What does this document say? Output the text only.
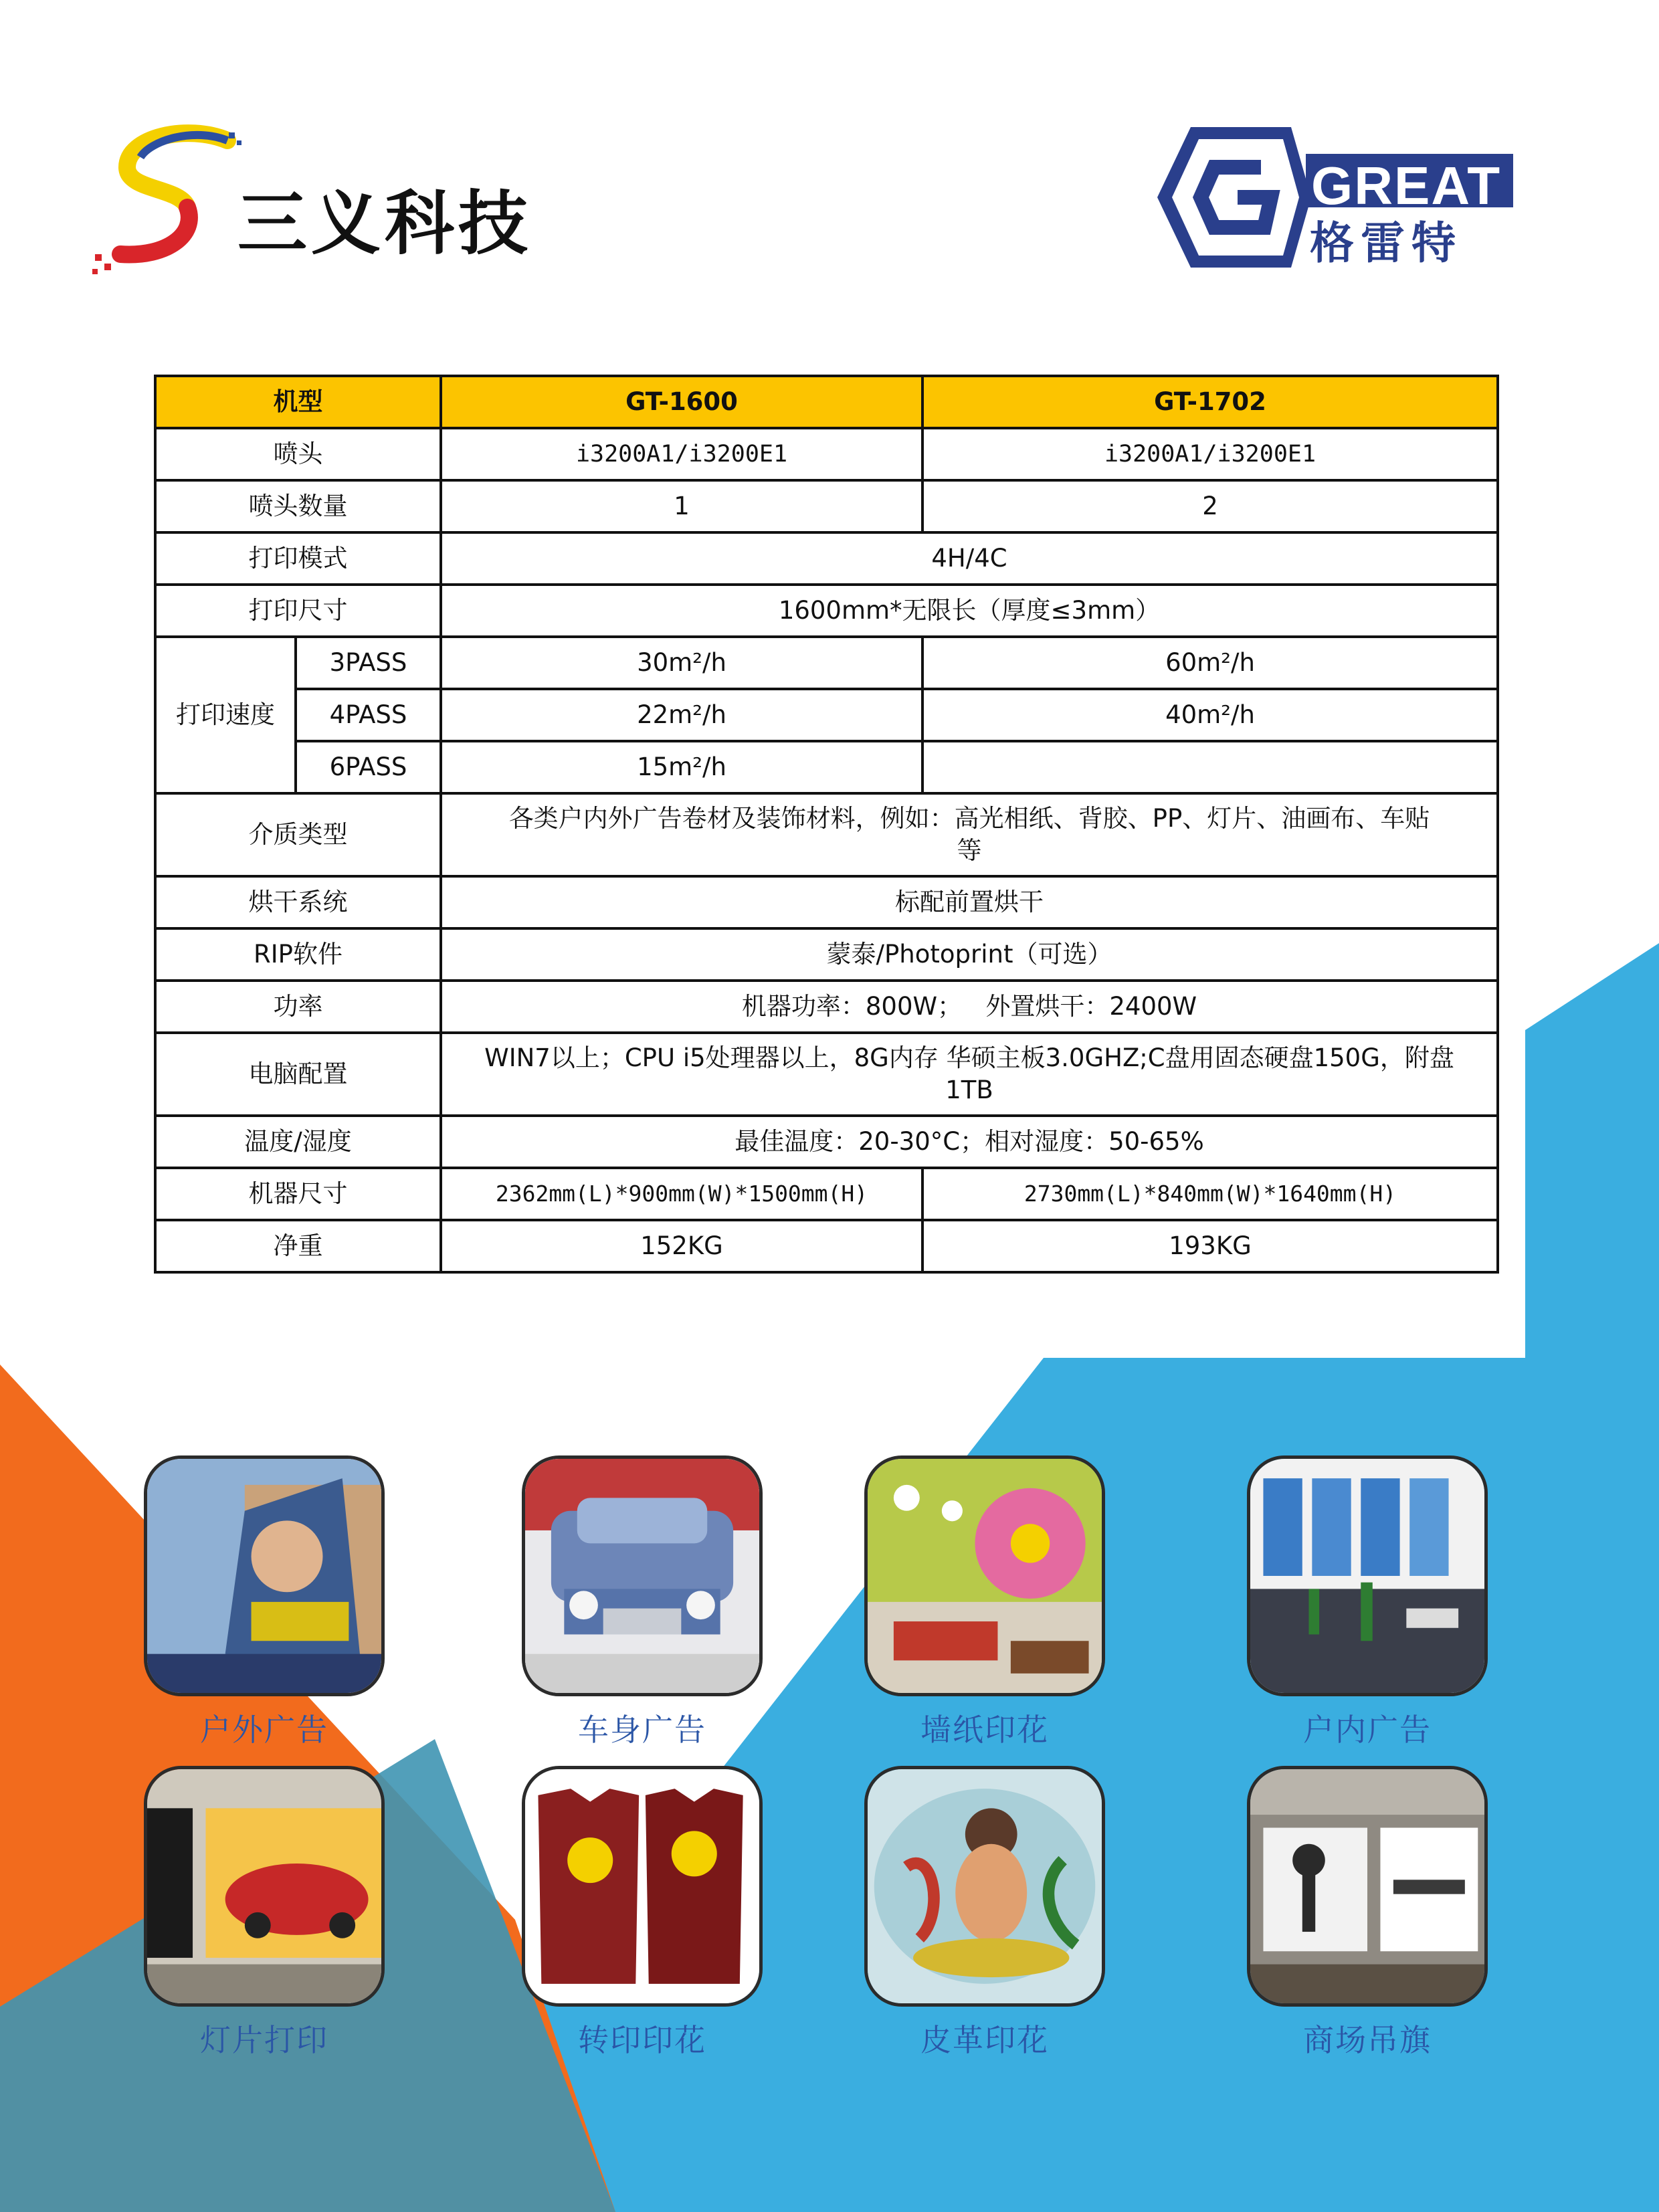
三义科技	GREAT
格雷特
机型		GT-1600	GT-1702
喷头		i3200A1/i3200E1	i3200A1/i3200E1
喷头数量		1	2
打印模式		4H/4C	
打印尺寸		1600mm*无限长（厚度≤3mm）	
打印速度	3PASS	30m²/h	60m²/h
	4PASS	22m²/h	40m²/h
	6PASS	15m²/h	
介质类型		各类户内外广告卷材及装饰材料，例如：高光相纸、背胶、PP、灯片、油画布、车贴等	
烘干系统		标配前置烘干	
RIP软件		蒙泰/Photoprint（可选）	
功率		机器功率：800W；   外置烘干：2400W	
电脑配置		WIN7以上；CPU i5处理器以上，8G内存 华硕主板3.0GHZ;C盘用固态硬盘150G，附盘1TB	
温度/湿度		最佳温度：20-30°C；相对湿度：50-65%	
机器尺寸		2362mm(L)*900mm(W)*1500mm(H)	2730mm(L)*840mm(W)*1640mm(H)
净重		152KG	193KG
户外广告	车身广告	墙纸印花	户内广告
灯片打印	转印印花	皮革印花	商场吊旗
